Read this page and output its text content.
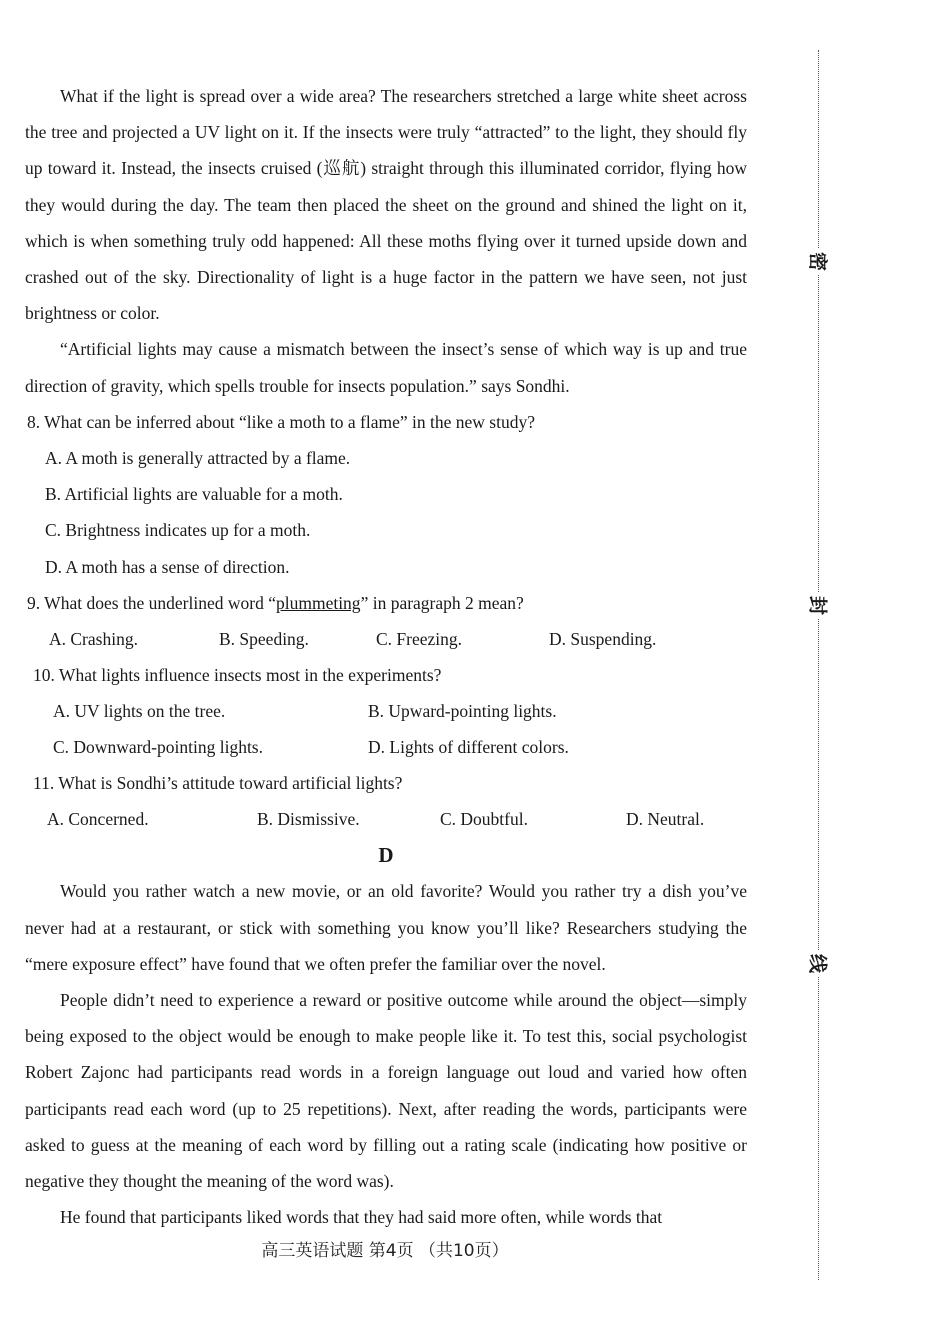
What if the light is spread over a wide area? The researchers stretched a large white sheet across the tree and projected a UV light on it. If the insects were truly “attracted” to the light, they should fly up toward it. Instead, the insects cruised (巡航) straight through this illuminated corridor, flying how they would during the day. The team then placed the sheet on the ground and shined the light on it, which is when something truly odd happened: All these moths flying over it turned upside down and crashed out of the sky. Directionality of light is a huge factor in the pattern we have seen, not just brightness or color.

“Artificial lights may cause a mismatch between the insect’s sense of which way is up and true direction of gravity, which spells trouble for insects population.” says Sondhi.

8. What can be inferred about “like a moth to a flame” in the new study?

A. A moth is generally attracted by a flame.

B. Artificial lights are valuable for a moth.

C. Brightness indicates up for a moth.

D. A moth has a sense of direction.

9. What does the underlined word “plummeting” in paragraph 2 mean?

A. Crashing.	B. Speeding.	C. Freezing.	D. Suspending.

10. What lights influence insects most in the experiments?

A. UV lights on the tree.	B. Upward-pointing lights.
C. Downward-pointing lights.	D. Lights of different colors.

11. What is Sondhi’s attitude toward artificial lights?

A. Concerned.	B. Dismissive.	C. Doubtful.	D. Neutral.

D

Would you rather watch a new movie, or an old favorite? Would you rather try a dish you’ve never had at a restaurant, or stick with something you know you’ll like? Researchers studying the “mere exposure effect” have found that we often prefer the familiar over the novel.

People didn’t need to experience a reward or positive outcome while around the object—simply being exposed to the object would be enough to make people like it. To test this, social psychologist Robert Zajonc had participants read words in a foreign language out loud and varied how often participants read each word (up to 25 repetitions). Next, after reading the words, participants were asked to guess at the meaning of each word by filling out a rating scale (indicating how positive or negative they thought the meaning of the word was).

He found that participants liked words that they had said more often, while words that

高三英语试题 第4页 （共10页）
密
封
线
